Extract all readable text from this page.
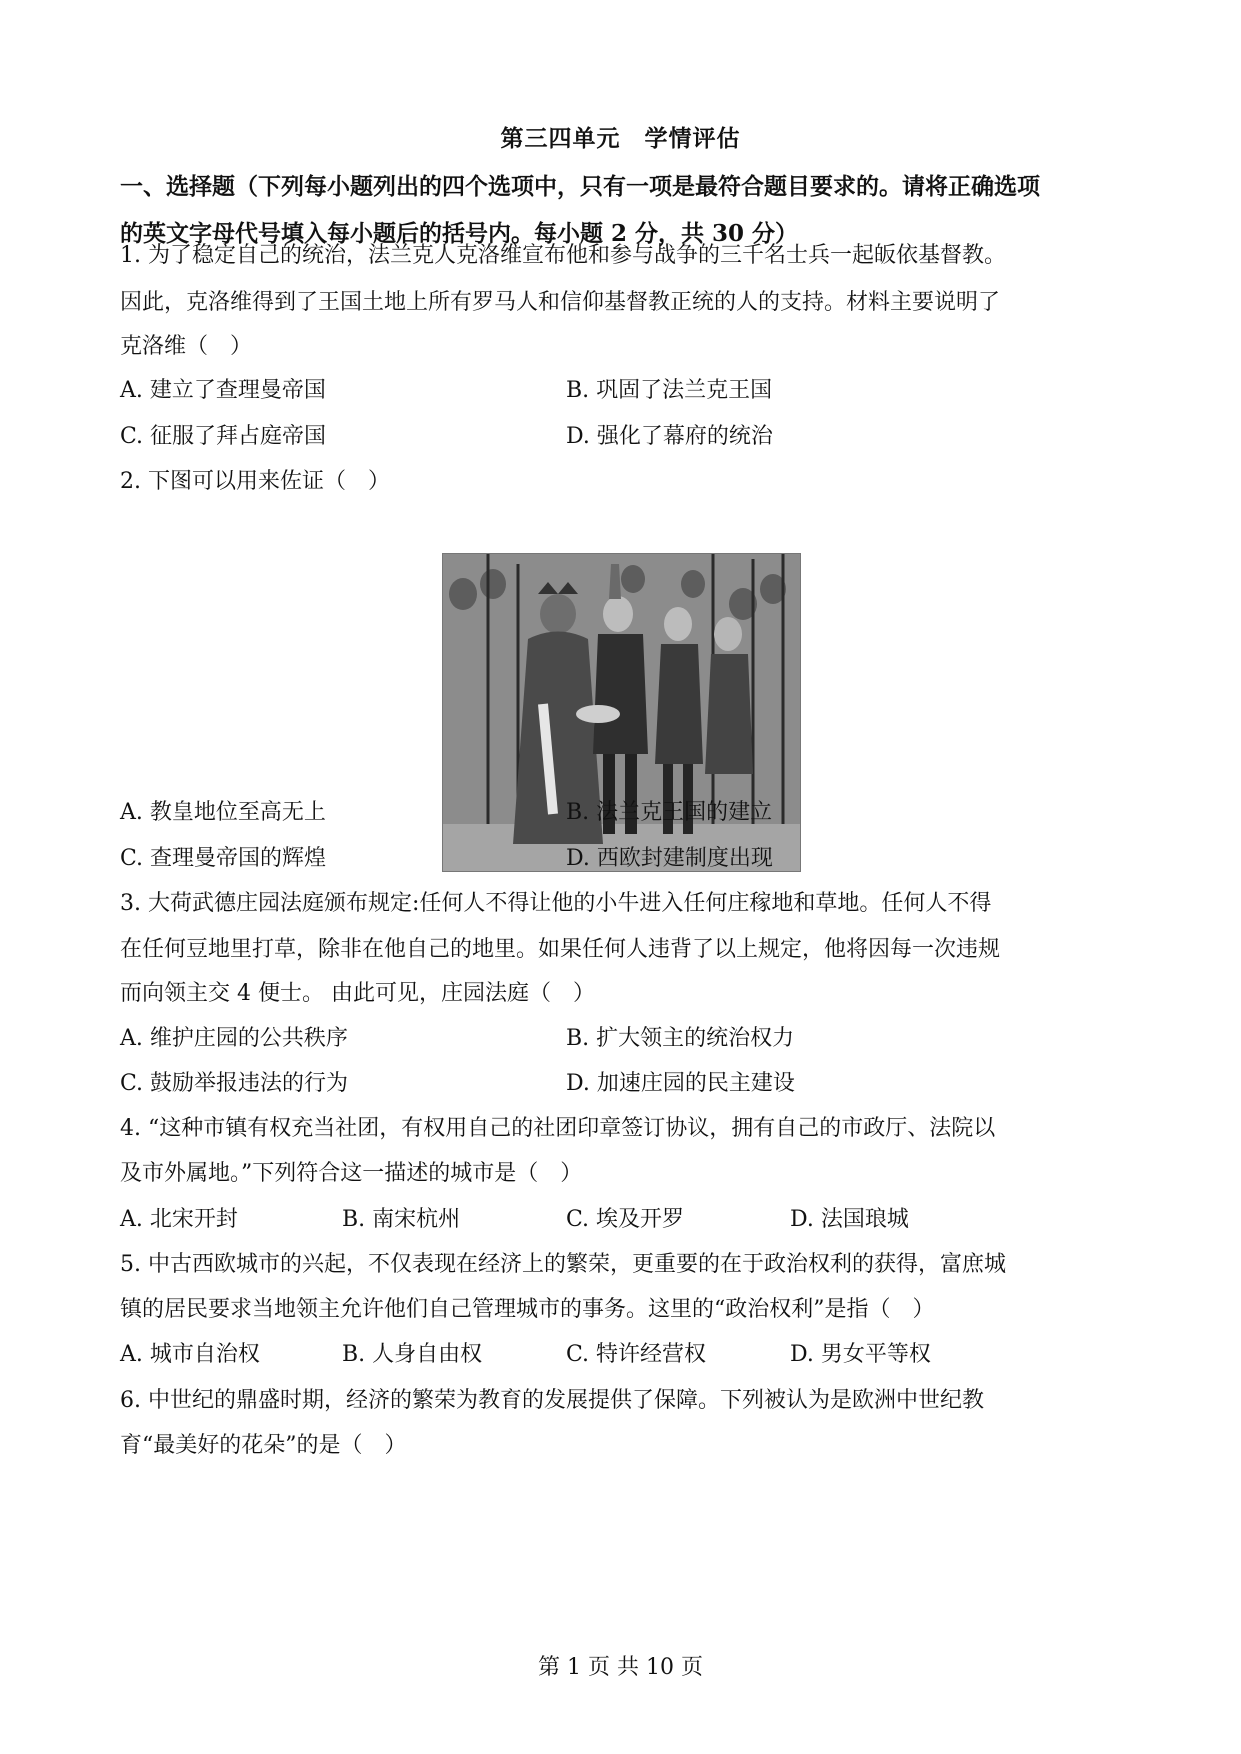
第三四单元　学情评估
一、选择题（下列每小题列出的四个选项中，只有一项是最符合题目要求的。请将正确选项
的英文字母代号填入每小题后的括号内。每小题 2 分，共 30 分）
1. 为了稳定自己的统治，法兰克人克洛维宣布他和参与战争的三千名士兵一起皈依基督教。
因此，克洛维得到了王国土地上所有罗马人和信仰基督教正统的人的支持。材料主要说明了
克洛维（　）
A. 建立了查理曼帝国	B. 巩固了法兰克王国
C. 征服了拜占庭帝国	D. 强化了幕府的统治
2. 下图可以用来佐证（　）
A. 教皇地位至高无上	B. 法兰克王国的建立
C. 查理曼帝国的辉煌	D. 西欧封建制度出现
3. 大荷武德庄园法庭颁布规定:任何人不得让他的小牛进入任何庄稼地和草地。任何人不得
在任何豆地里打草，除非在他自己的地里。如果任何人违背了以上规定，他将因每一次违规
而向领主交 4 便士。 由此可见，庄园法庭（　）
A. 维护庄园的公共秩序	B. 扩大领主的统治权力
C. 鼓励举报违法的行为	D. 加速庄园的民主建设
4. “这种市镇有权充当社团，有权用自己的社团印章签订协议，拥有自己的市政厅、法院以
及市外属地。”下列符合这一描述的城市是（　）
A. 北宋开封	B. 南宋杭州	C. 埃及开罗	D. 法国琅城
5. 中古西欧城市的兴起，不仅表现在经济上的繁荣，更重要的在于政治权利的获得，富庶城
镇的居民要求当地领主允许他们自己管理城市的事务。这里的“政治权利”是指（　）
A. 城市自治权	B. 人身自由权	C. 特许经营权	D. 男女平等权
6. 中世纪的鼎盛时期，经济的繁荣为教育的发展提供了保障。下列被认为是欧洲中世纪教
育“最美好的花朵”的是（　）
第 1 页 共 10 页
